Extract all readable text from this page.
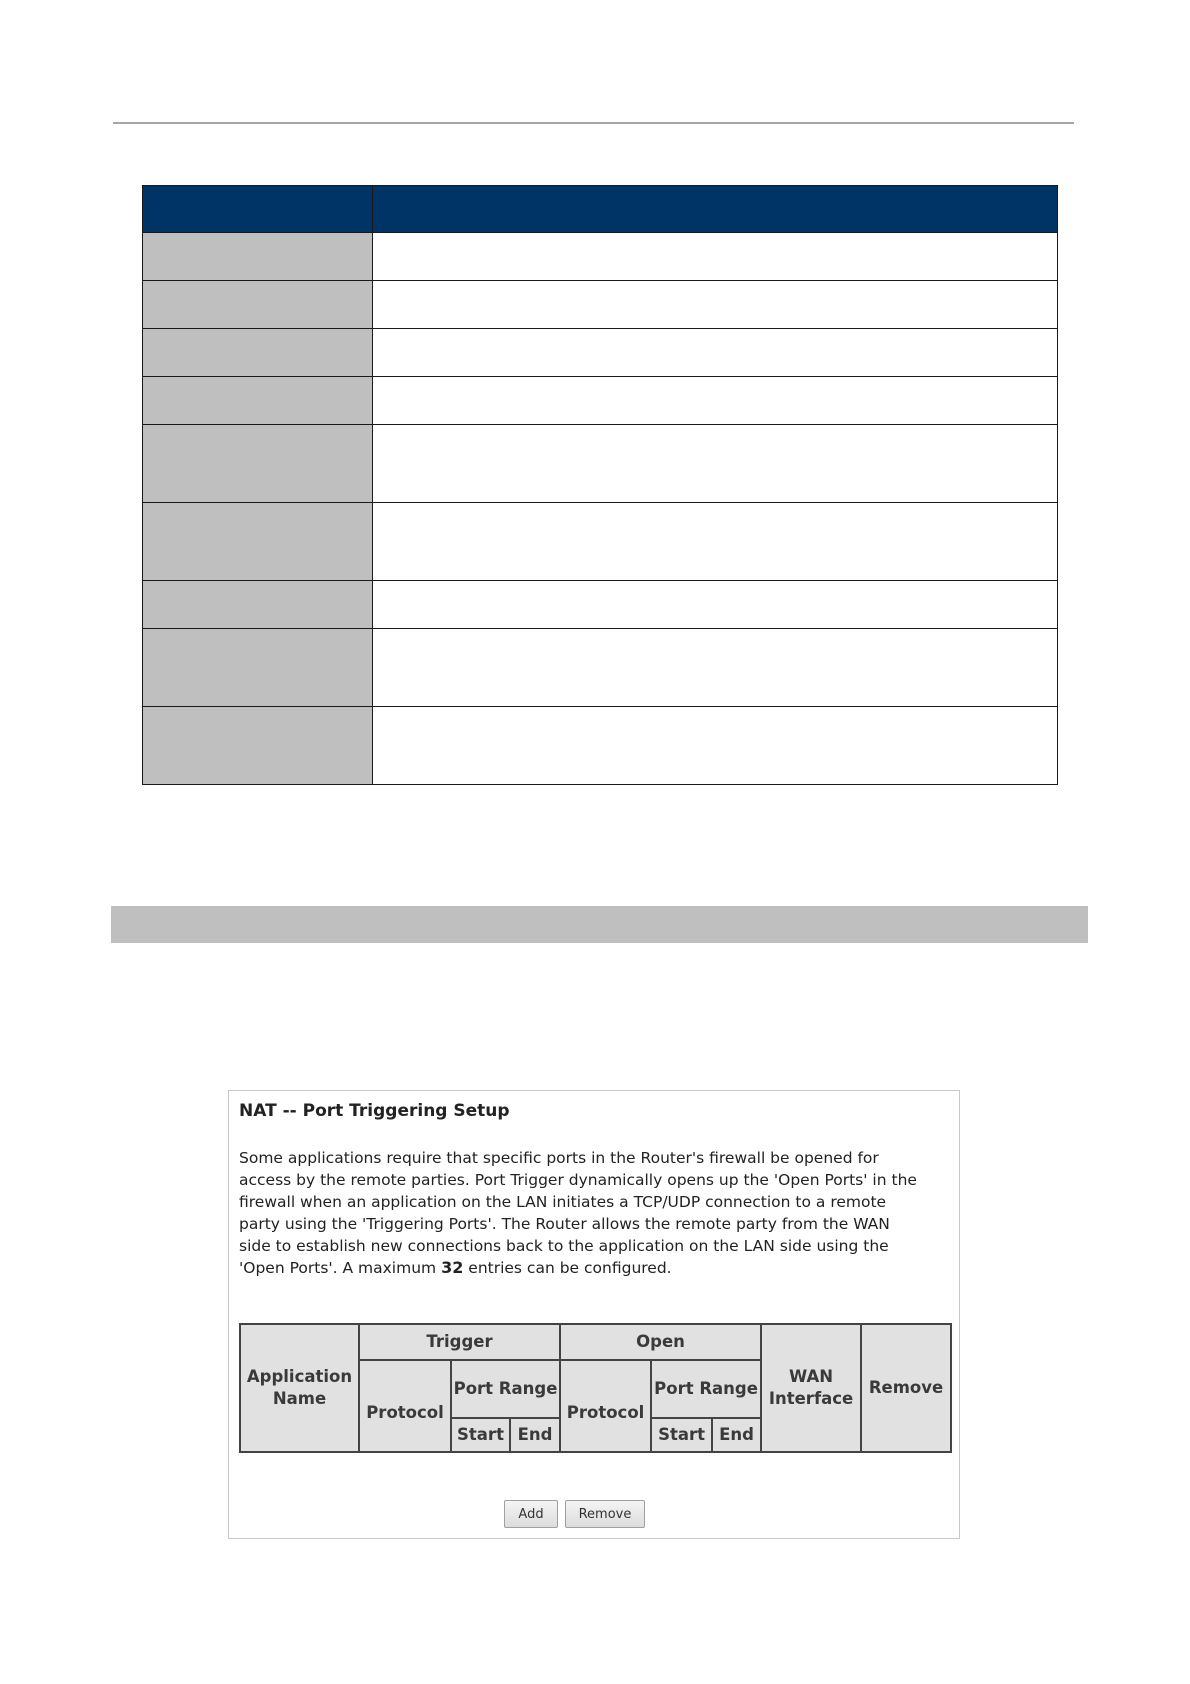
NAT -- Port Triggering Setup

Some applications require that specific ports in the Router's firewall be opened for access by the remote parties. Port Trigger dynamically opens up the 'Open Ports' in the firewall when an application on the LAN initiates a TCP/UDP connection to a remote party using the 'Triggering Ports'. The Router allows the remote party from the WAN side to establish new connections back to the application on the LAN side using the 'Open Ports'. A maximum 32 entries can be configured.

Application Name	Trigger			Open			WAN Interface	Remove
	Protocol	Port Range		Protocol	Port Range			
		Start	End		Start	End		
Add	Remove
